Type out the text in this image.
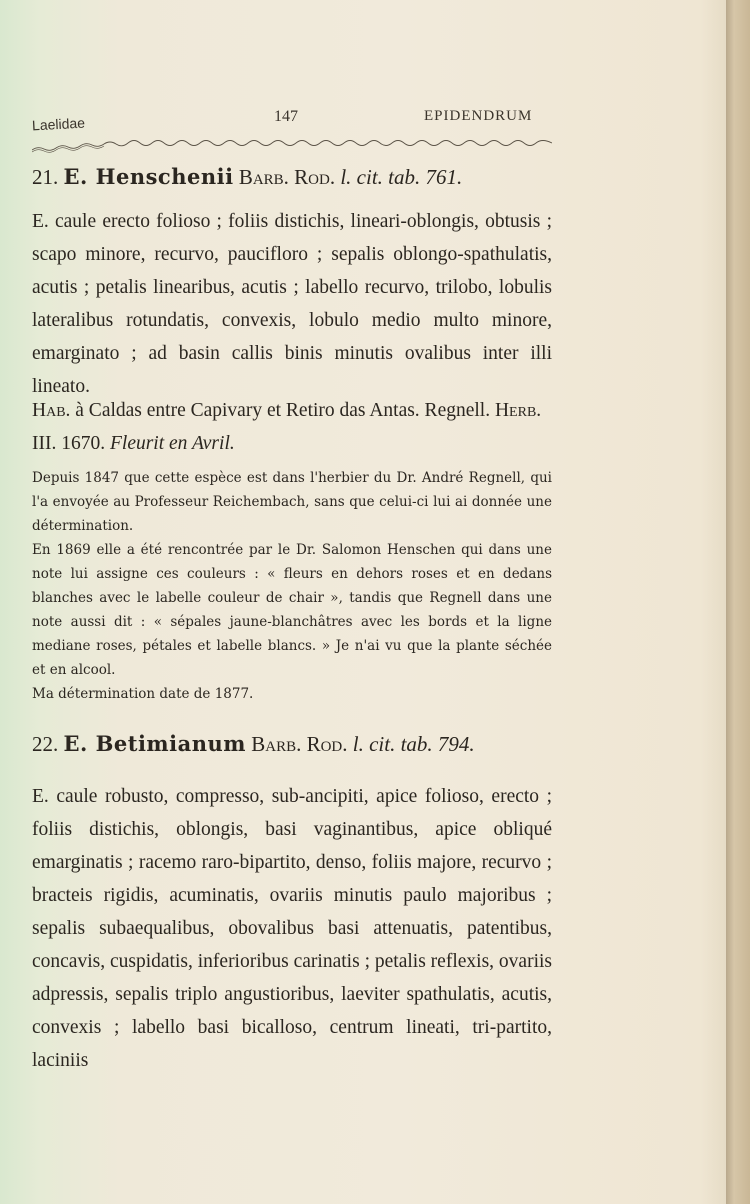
Laelidae	147	EPIDENDRUM
21. E. Henschenii Barb. Rod. l. cit. tab. 761.
E. caule erecto folioso ; foliis distichis, lineari-oblongis, obtusis ; scapo minore, recurvo, paucifloro ; sepalis oblongo-spathulatis, acutis ; petalis linearibus, acutis ; labello recurvo, trilobo, lobulis lateralibus rotundatis, convexis, lobulo medio multo minore, emarginato ; ad basin callis binis minutis ovalibus inter illi lineato.
Hab. à Caldas entre Capivary et Retiro das Antas. Regnell. Herb. III. 1670. Fleurit en Avril.

Depuis 1847 que cette espèce est dans l'herbier du Dr. André Regnell, qui l'a envoyée au Professeur Reichembach, sans que celui-ci lui ai donnée une détermination.

En 1869 elle a été rencontrée par le Dr. Salomon Henschen qui dans une note lui assigne ces couleurs : « fleurs en dehors roses et en dedans blanches avec le labelle couleur de chair », tandis que Regnell dans une note aussi dit : « sépales jaune-blanchâtres avec les bords et la ligne mediane roses, pétales et labelle blancs. » Je n'ai vu que la plante séchée et en alcool.

Ma détermination date de 1877.

22. E. Betimianum Barb. Rod. l. cit. tab. 794.
E. caule robusto, compresso, sub-ancipiti, apice folioso, erecto ; foliis distichis, oblongis, basi vaginantibus, apice obliqué emarginatis ; racemo raro-bipartito, denso, foliis majore, recurvo ; bracteis rigidis, acuminatis, ovariis minutis paulo majoribus ; sepalis subaequalibus, obovalibus basi attenuatis, patentibus, concavis, cuspidatis, inferioribus carinatis ; petalis reflexis, ovariis adpressis, sepalis triplo angustioribus, laeviter spathulatis, acutis, convexis ; labello basi bicalloso, centrum lineati, tri-partito, laciniis
